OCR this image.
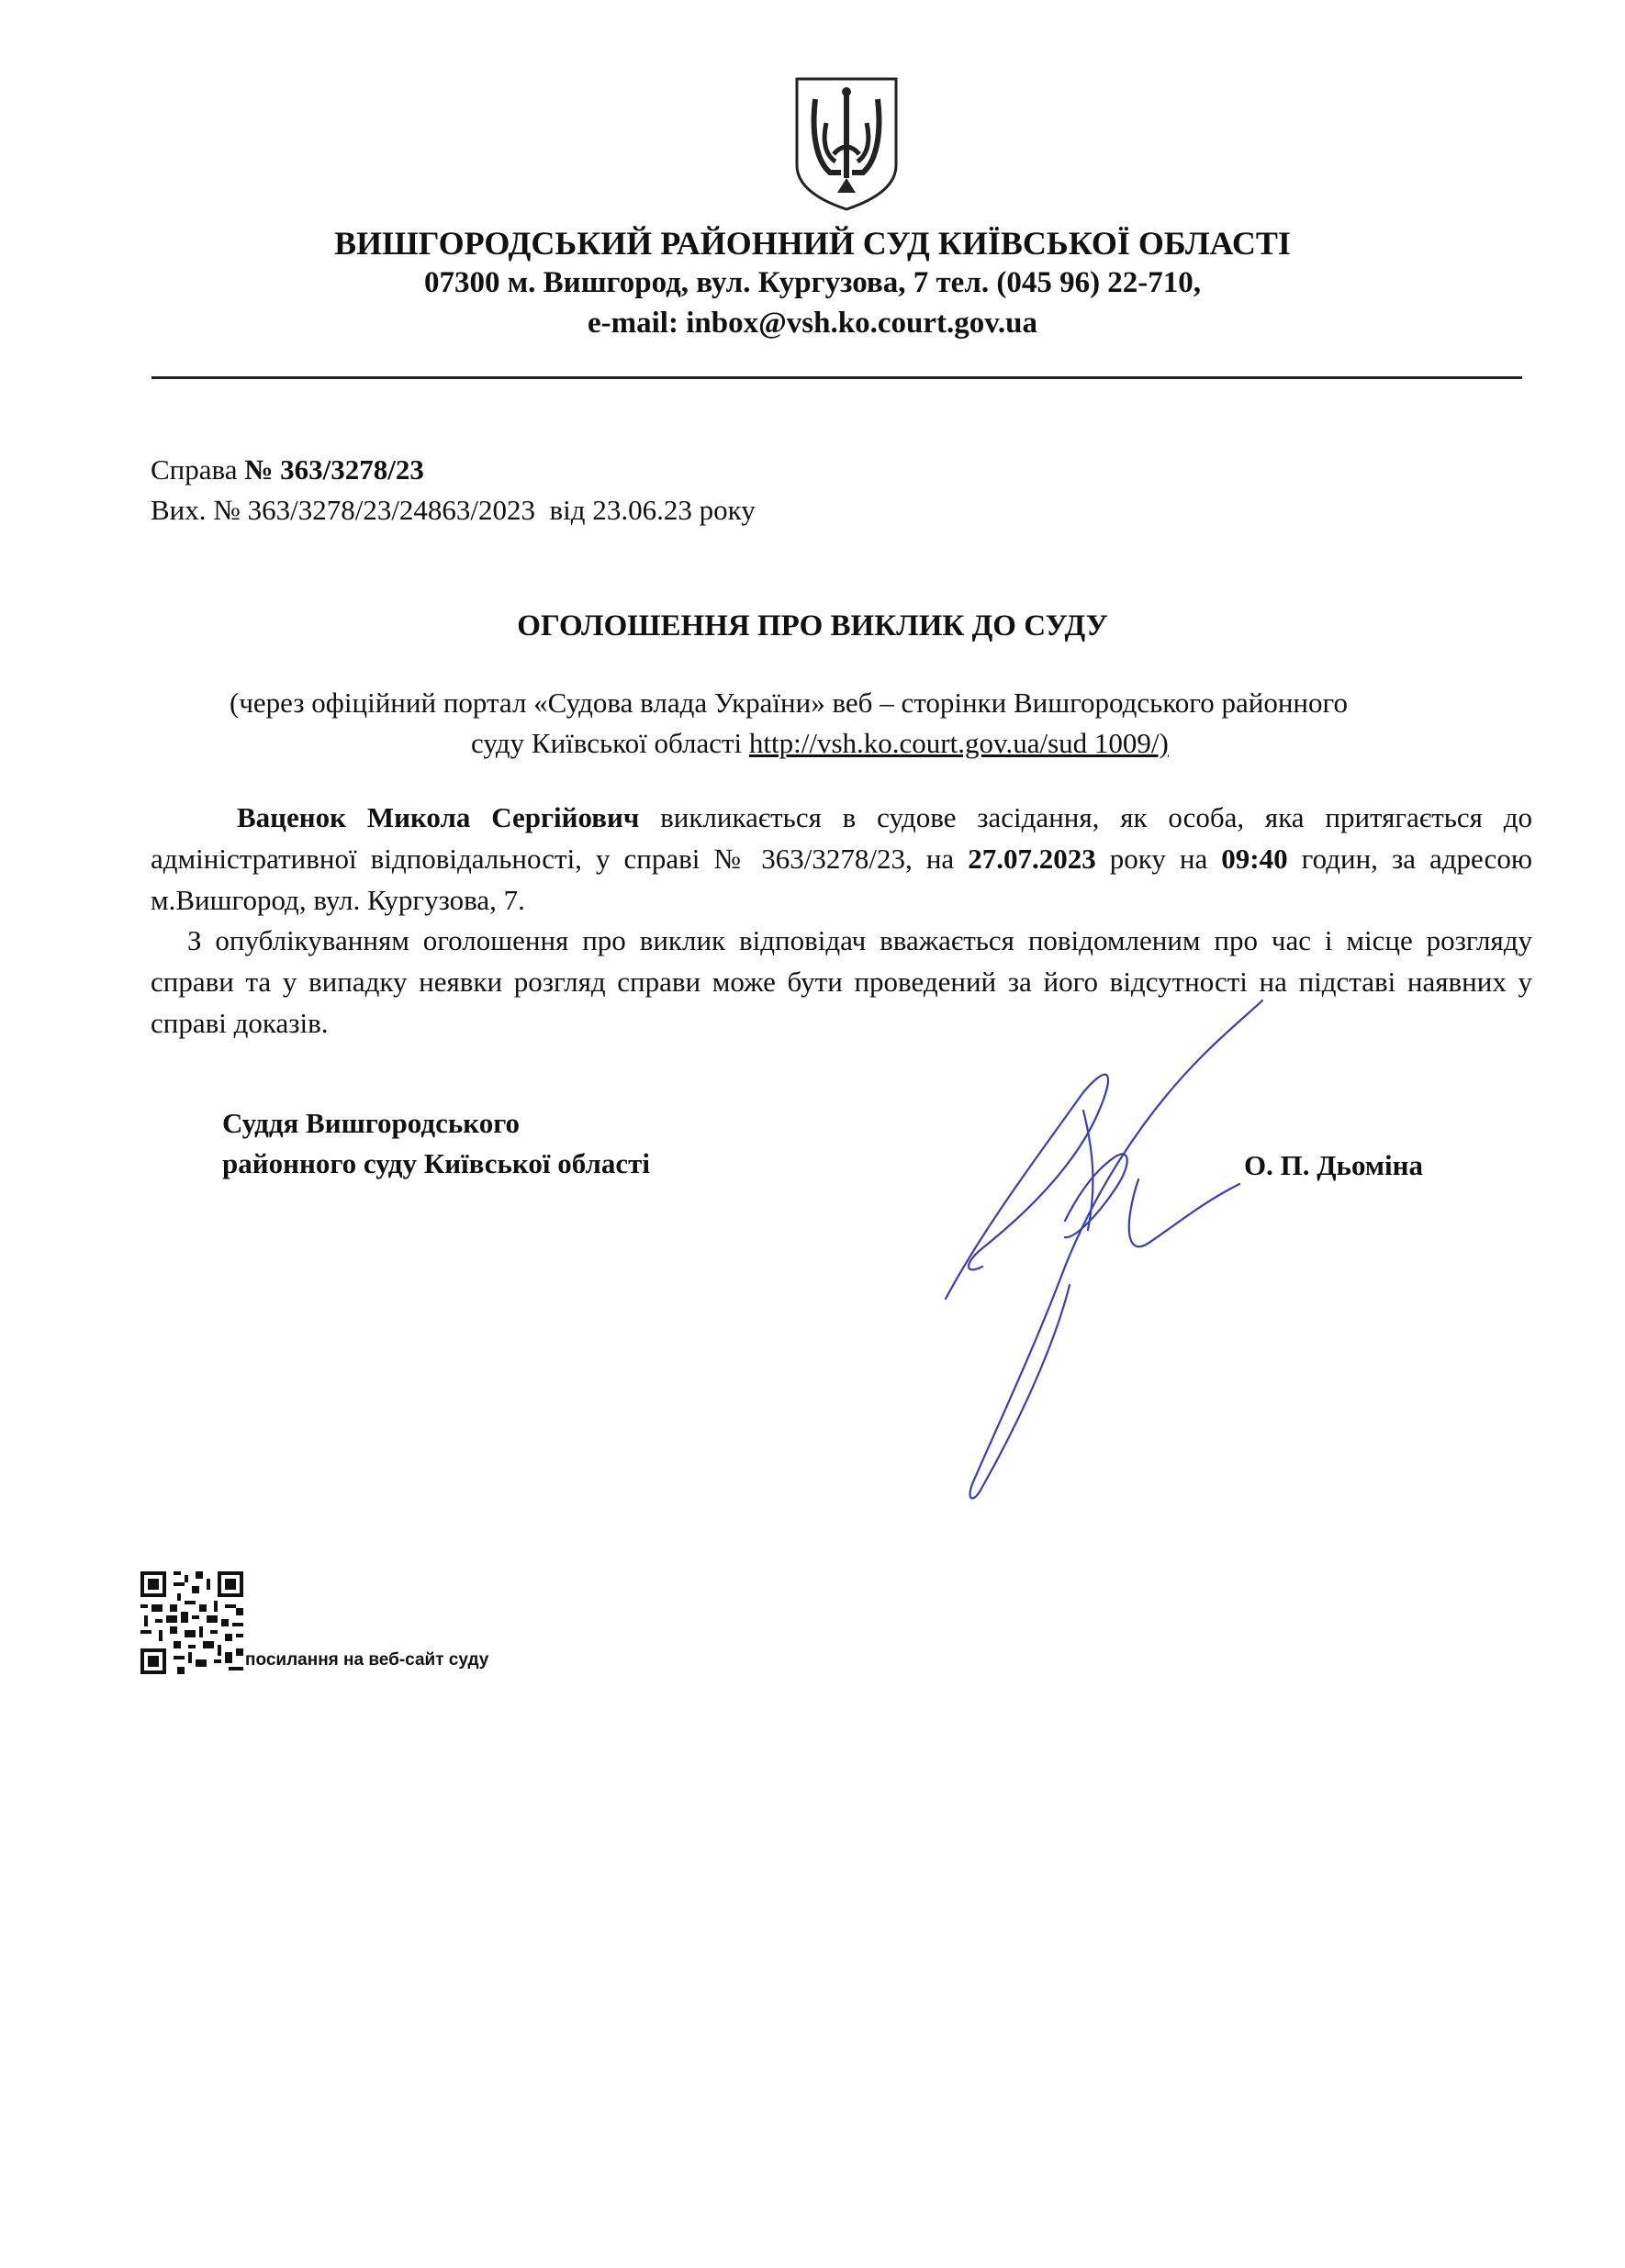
ВИШГОРОДСЬКИЙ РАЙОННИЙ СУД КИЇВСЬКОЇ ОБЛАСТІ
07300 м. Вишгород, вул. Кургузова, 7 тел. (045 96) 22-710,
e-mail: inbox@vsh.ko.court.gov.ua
Справа № 363/3278/23
Вих. № 363/3278/23/24863/2023 від 23.06.23 року
ОГОЛОШЕННЯ ПРО ВИКЛИК ДО СУДУ
(через офіційний портал «Судова влада України» веб – сторінки Вишгородського районного
суду Київської області http://vsh.ko.court.gov.ua/sud 1009/)
Ваценок Микола Сергійович викликається в судове засідання, як особа, яка притягається до адміністративної відповідальності, у справі № 363/3278/23, на 27.07.2023 року на 09:40 годин, за адресою м.Вишгород, вул. Кургузова, 7.
З опублікуванням оголошення про виклик відповідач вважається повідомленим про час і місце розгляду справи та у випадку неявки розгляд справи може бути проведений за його відсутності на підставі наявних у справі доказів.
Суддя Вишгородського
районного суду Київської області	О. П. Дьоміна
посилання на веб-сайт суду
